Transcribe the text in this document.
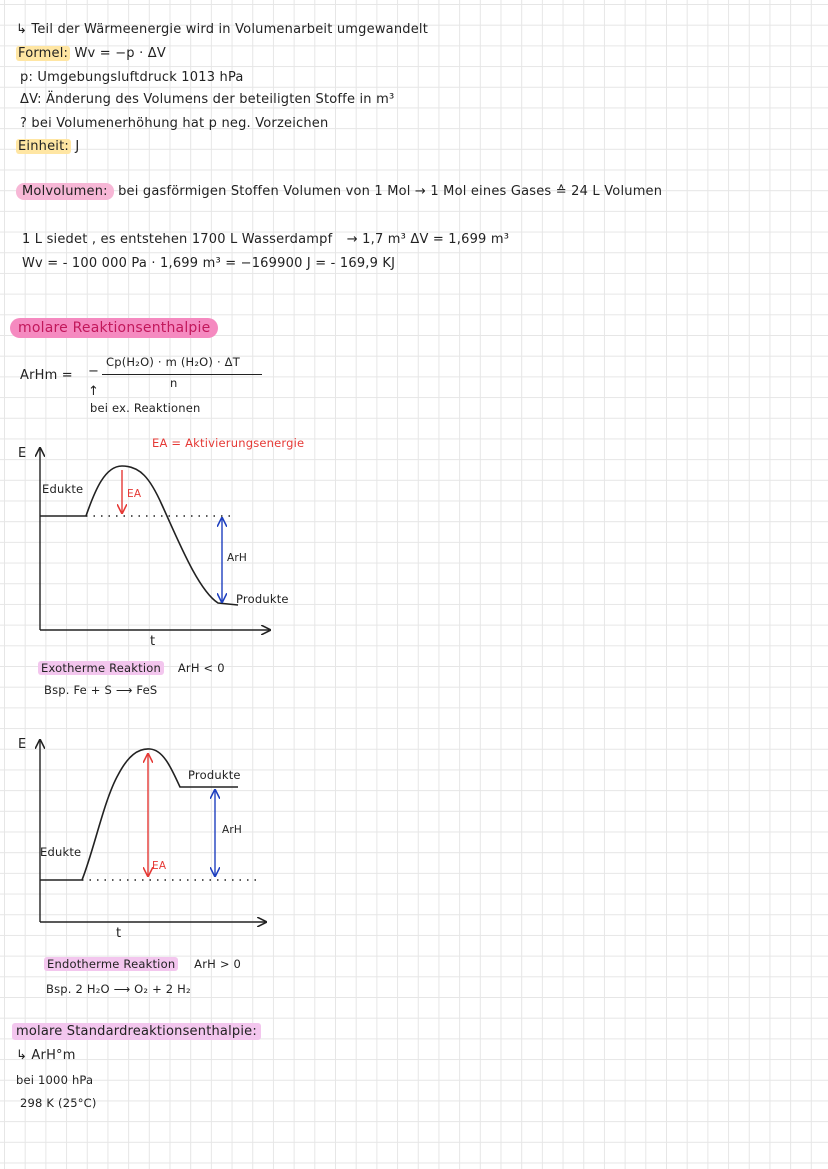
↳ Teil der Wärmeenergie wird in Volumenarbeit umgewandelt
Formel: Wv = −p · ΔV
p: Umgebungsluftdruck 1013 hPa
ΔV: Änderung des Volumens der beteiligten Stoffe in m³
? bei Volumenerhöhung hat p neg. Vorzeichen
Einheit: J
Molvolumen: bei gasförmigen Stoffen Volumen von 1 Mol → 1 Mol eines Gases ≙ 24 L Volumen
1 L siedet , es entstehen 1700 L Wasserdampf → 1,7 m³ ΔV = 1,699 m³
Wv = - 100 000 Pa · 1,699 m³ = −169900 J = - 169,9 KJ
molare Reaktionsenthalpie
ArHm = −
Cp(H₂O) · m (H₂O) · ΔT
n
↑
bei ex. Reaktionen
E
EA = Aktivierungsenergie
Edukte	EA
ArH
Produkte
t
Exotherme Reaktion ArH < 0
Bsp. Fe + S ⟶ FeS
E
Produkte
ArH
Edukte
EA
t
Endotherme Reaktion ArH > 0
Bsp. 2 H₂O ⟶ O₂ + 2 H₂
molare Standardreaktionsenthalpie:
↳ ArH°m
bei 1000 hPa
298 K (25°C)
